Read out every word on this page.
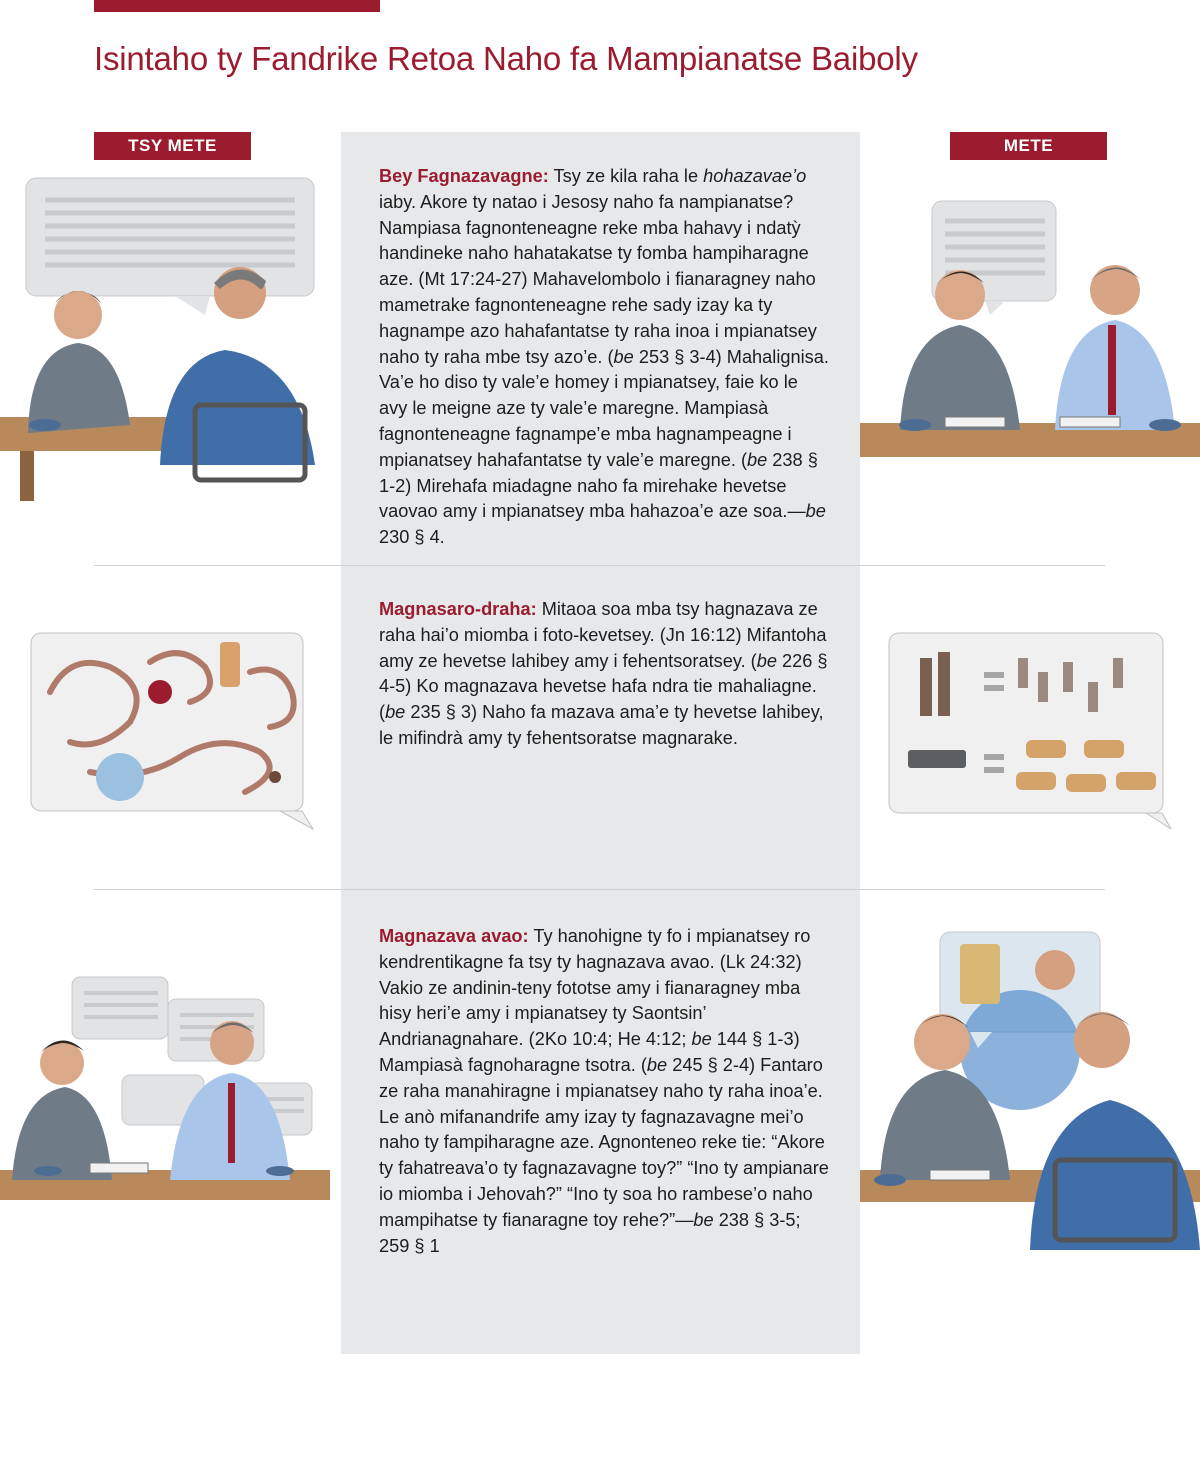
Isintaho ty Fandrike Retoa Naho fa Mampianatse Baiboly
TSY METE	METE

Bey Fagnazavagne: Tsy ze kila raha le hohazavae’o iaby. Akore ty natao i Jesosy naho fa nampianatse? Nampiasa fagnonteneagne reke mba hahavy i ndatỳ handineke naho hahatakatse ty fomba hampiharagne aze. (Mt 17:24-27) Mahavelombolo i fianaragney naho mametrake fagnonteneagne rehe sady izay ka ty hagnampe azo hahafantatse ty raha inoa i mpianatsey naho ty raha mbe tsy azo’e. (be 253 § 3-4) Mahalignisa. Va’e ho diso ty vale’e homey i mpianatsey, faie ko le avy le meigne aze ty vale’e maregne. Mampiasà fagnonteneagne fagnampe’e mba hagnampeagne i mpianatsey hahafantatse ty vale’e maregne. (be 238 § 1-2) Mirehafa miadagne naho fa mirehake hevetse vaovao amy i mpianatsey mba hahazoa’e aze soa.—be 230 § 4.

Magnasaro-draha: Mitaoa soa mba tsy hagnazava ze raha hai’o miomba i foto-kevetsey. (Jn 16:12) Mifantoha amy ze hevetse lahibey amy i fehentsoratsey. (be 226 § 4-5) Ko magnazava hevetse hafa ndra tie mahaliagne. (be 235 § 3) Naho fa mazava ama’e ty hevetse lahibey, le mifindrà amy ty fehentsoratse magnarake.

Magnazava avao: Ty hanohigne ty fo i mpianatsey ro kendrentikagne fa tsy ty hagnazava avao. (Lk 24:32) Vakio ze andinin-teny fototse amy i fianaragney mba hisy heri’e amy i mpianatsey ty Saontsin’ Andrianagnahare. (2Ko 10:4; He 4:12; be 144 § 1-3) Mampiasà fagnoharagne tsotra. (be 245 § 2-4) Fantaro ze raha manahiragne i mpianatsey naho ty raha inoa’e. Le anò mifanandrife amy izay ty fagnazavagne mei’o naho ty fampiharagne aze. Agnonteneo reke tie: “Akore ty fahatreava’o ty fagnazavagne toy?” “Ino ty ampianare io miomba i Jehovah?” “Ino ty soa ho rambese’o naho mampihatse ty fianaragne toy rehe?”—be 238 § 3-5; 259 § 1
